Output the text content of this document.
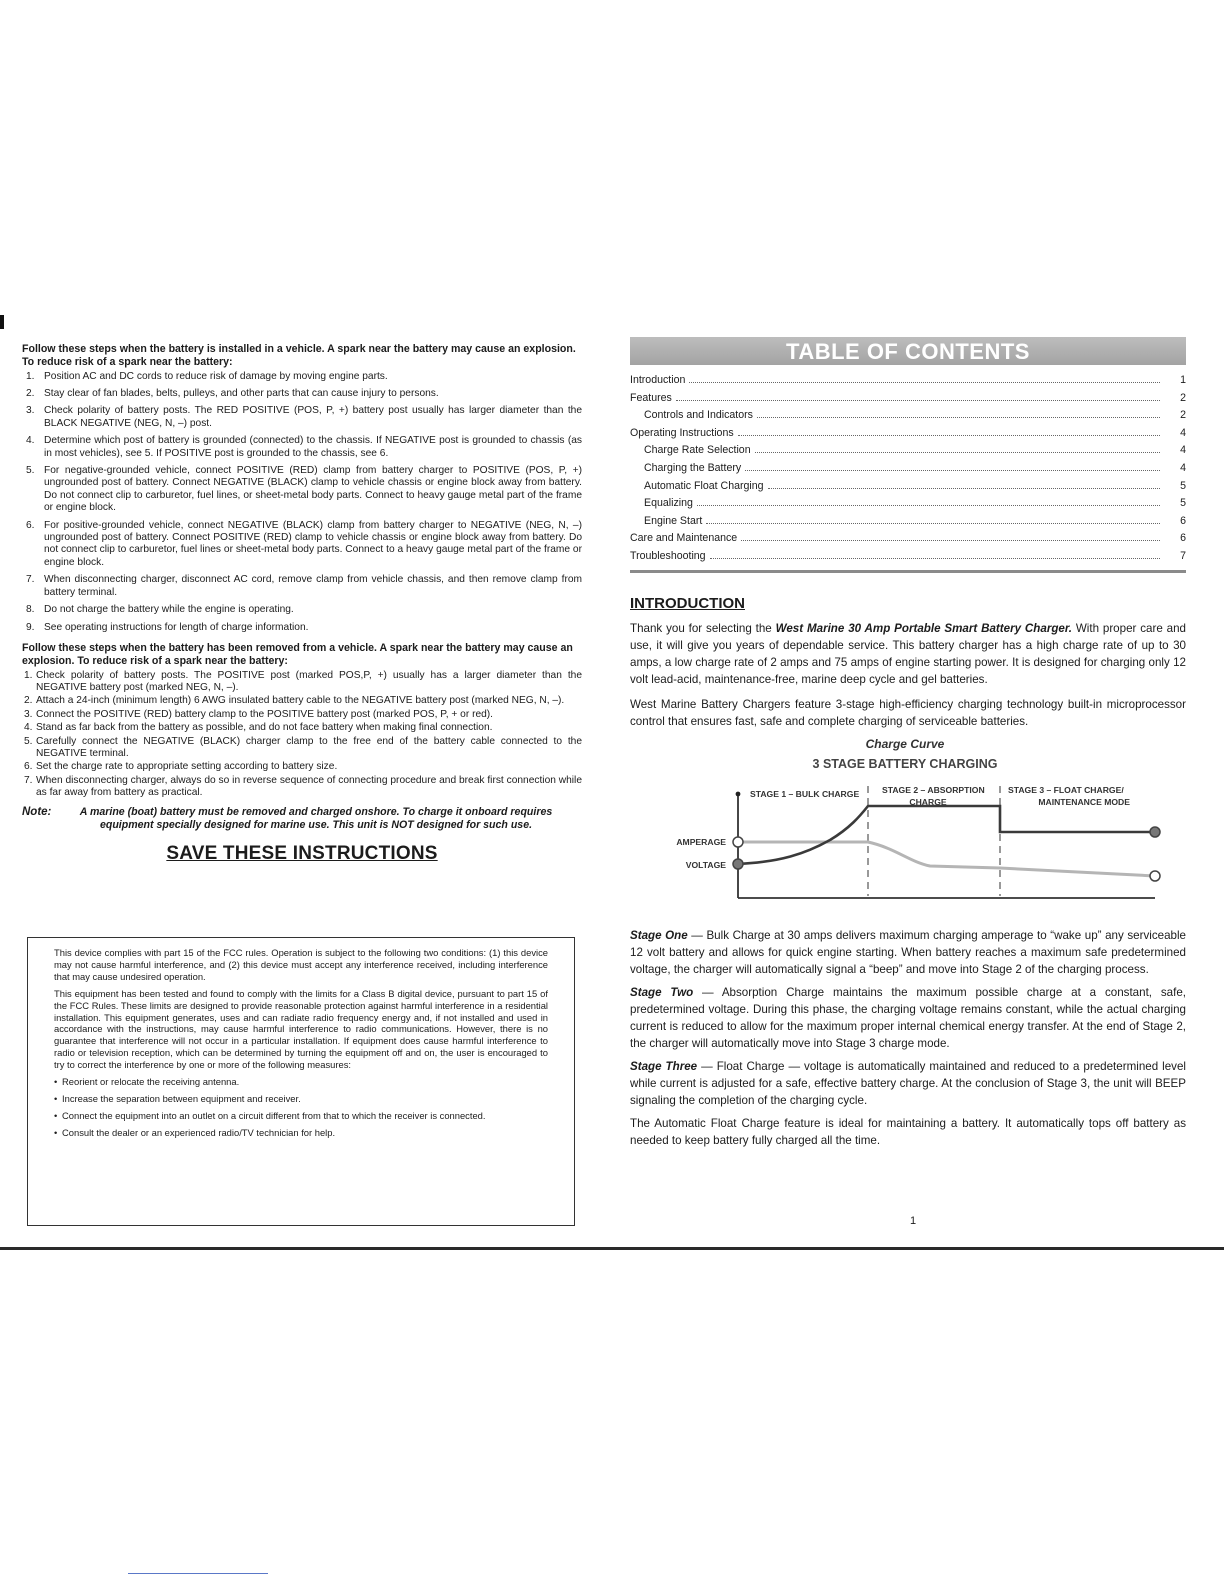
Follow these steps when the battery is installed in a vehicle. A spark near the battery may cause an explosion. To reduce risk of a spark near the battery:

1. Position AC and DC cords to reduce risk of damage by moving engine parts.
2. Stay clear of fan blades, belts, pulleys, and other parts that can cause injury to persons.
3. Check polarity of battery posts. The RED POSITIVE (POS, P, +) battery post usually has larger diameter than the BLACK NEGATIVE (NEG, N, –) post.
4. Determine which post of battery is grounded (connected) to the chassis. If NEGATIVE post is grounded to chassis (as in most vehicles), see 5. If POSITIVE post is grounded to the chassis, see 6.
5. For negative-grounded vehicle, connect POSITIVE (RED) clamp from battery charger to POSITIVE (POS, P, +) ungrounded post of battery. Connect NEGATIVE (BLACK) clamp to vehicle chassis or engine block away from battery. Do not connect clip to carburetor, fuel lines, or sheet-metal body parts. Connect to heavy gauge metal part of the frame or engine block.
6. For positive-grounded vehicle, connect NEGATIVE (BLACK) clamp from battery charger to NEGATIVE (NEG, N, –) ungrounded post of battery. Connect POSITIVE (RED) clamp to vehicle chassis or engine block away from battery. Do not connect clip to carburetor, fuel lines or sheet-metal body parts. Connect to a heavy gauge metal part of the frame or engine block.
7. When disconnecting charger, disconnect AC cord, remove clamp from vehicle chassis, and then remove clamp from battery terminal.
8. Do not charge the battery while the engine is operating.
9. See operating instructions for length of charge information.

Follow these steps when the battery has been removed from a vehicle. A spark near the battery may cause an explosion. To reduce risk of a spark near the battery:

1. Check polarity of battery posts. The POSITIVE post (marked POS,P, +) usually has a larger diameter than the NEGATIVE battery post (marked NEG, N, –).
2. Attach a 24-inch (minimum length) 6 AWG insulated battery cable to the NEGATIVE battery post (marked NEG, N, –).
3. Connect the POSITIVE (RED) battery clamp to the POSITIVE battery post (marked POS, P, + or red).
4. Stand as far back from the battery as possible, and do not face battery when making final connection.
5. Carefully connect the NEGATIVE (BLACK) charger clamp to the free end of the battery cable connected to the NEGATIVE terminal.
6. Set the charge rate to appropriate setting according to battery size.
7. When disconnecting charger, always do so in reverse sequence of connecting procedure and break first connection while as far away from battery as practical.
Note:	A marine (boat) battery must be removed and charged onshore. To charge it onboard requires equipment specially designed for marine use. This unit is NOT designed for such use.
SAVE THESE INSTRUCTIONS

This device complies with part 15 of the FCC rules. Operation is subject to the following two conditions: (1) this device may not cause harmful interference, and (2) this device must accept any interference received, including interference that may cause undesired operation.

This equipment has been tested and found to comply with the limits for a Class B digital device, pursuant to part 15 of the FCC Rules. These limits are designed to provide reasonable protection against harmful interference in a residential installation. This equipment generates, uses and can radiate radio frequency energy and, if not installed and used in accordance with the instructions, may cause harmful interference to radio communications. However, there is no guarantee that interference will not occur in a particular installation. If equipment does cause harmful interference to radio or television reception, which can be determined by turning the equipment off and on, the user is encouraged to try to correct the interference by one or more of the following measures:

• Reorient or relocate the receiving antenna.
• Increase the separation between equipment and receiver.
• Connect the equipment into an outlet on a circuit different from that to which the receiver is connected.
• Consult the dealer or an experienced radio/TV technician for help.
TABLE OF CONTENTS
Introduction	1
Features	2
Controls and Indicators	2
Operating Instructions	4
Charge Rate Selection	4
Charging the Battery	4
Automatic Float Charging	5
Equalizing	5
Engine Start	6
Care and Maintenance	6
Troubleshooting	7
INTRODUCTION

Thank you for selecting the West Marine 30 Amp Portable Smart Battery Charger. With proper care and use, it will give you years of dependable service. This battery charger has a high charge rate of up to 30 amps, a low charge rate of 2 amps and 75 amps of engine starting power. It is designed for charging only 12 volt lead-acid, maintenance-free, marine deep cycle and gel batteries.

West Marine Battery Chargers feature 3-stage high-efficiency charging technology built-in microprocessor control that ensures fast, safe and complete charging of serviceable batteries.

Charge Curve
3 STAGE BATTERY CHARGING
STAGE 1 – BULK CHARGE	STAGE 2 – ABSORPTION
CHARGE
STAGE 3 – FLOAT CHARGE/
MAINTENANCE MODE
AMPERAGE
VOLTAGE

Stage One — Bulk Charge at 30 amps delivers maximum charging amperage to “wake up” any serviceable 12 volt battery and allows for quick engine starting. When battery reaches a maximum safe predetermined voltage, the charger will automatically signal a “beep” and move into Stage 2 of the charging process.

Stage Two — Absorption Charge maintains the maximum possible charge at a constant, safe, predetermined voltage. During this phase, the charging voltage remains constant, while the actual charging current is reduced to allow for the maximum proper internal chemical energy transfer. At the end of Stage 2, the charger will automatically move into Stage 3 charge mode.

Stage Three — Float Charge — voltage is automatically maintained and reduced to a predetermined level while current is adjusted for a safe, effective battery charge. At the conclusion of Stage 3, the unit will BEEP signaling the completion of the charging cycle.

The Automatic Float Charge feature is ideal for maintaining a battery. It automatically tops off battery as needed to keep battery fully charged all the time.

1
